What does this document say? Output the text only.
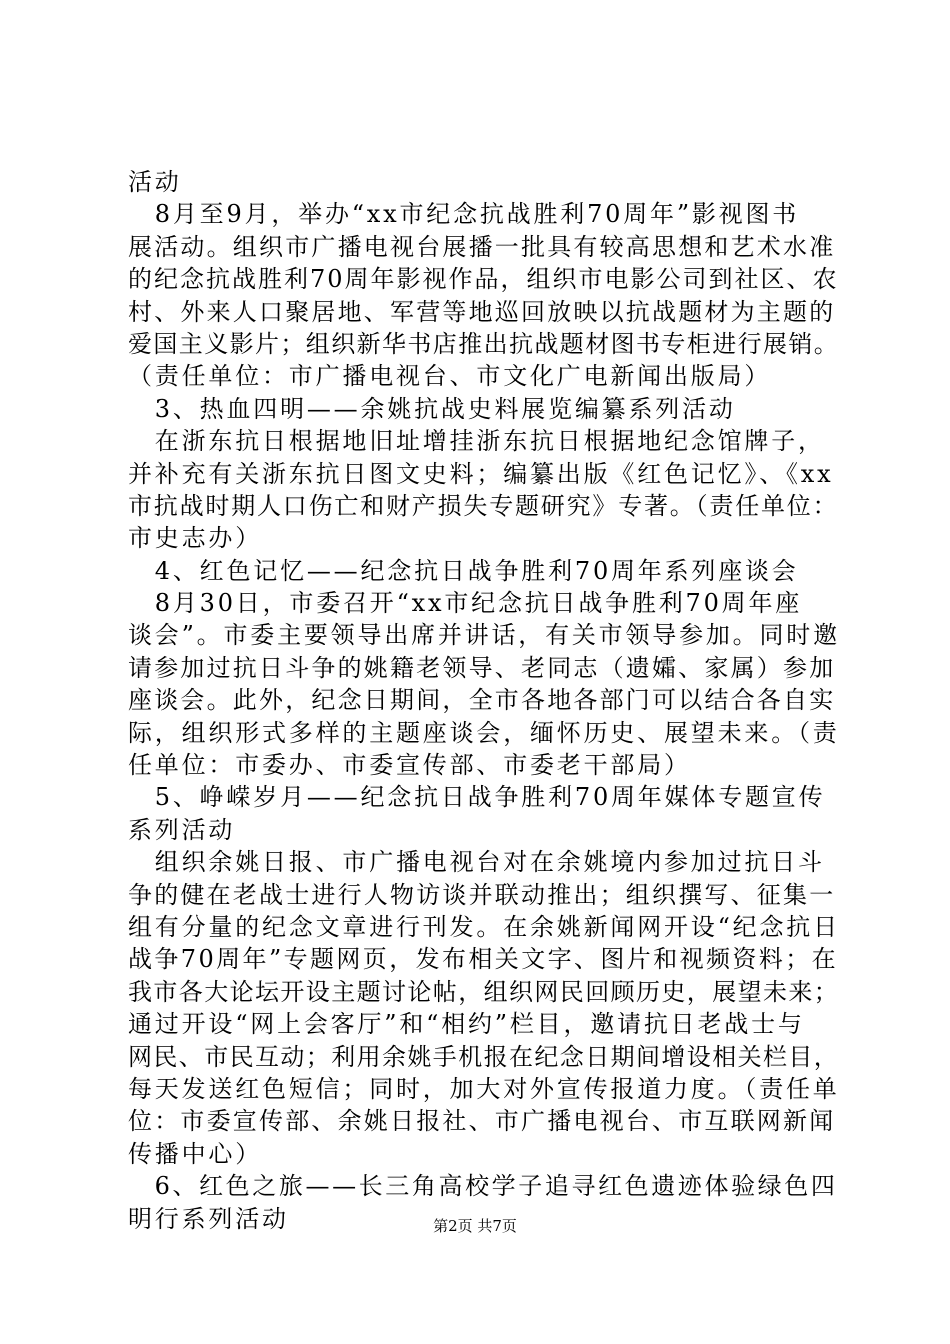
活动
　8月至9月，举办“xx市纪念抗战胜利70周年”影视图书
展活动。组织市广播电视台展播一批具有较高思想和艺术水准
的纪念抗战胜利70周年影视作品，组织市电影公司到社区、农
村、外来人口聚居地、军营等地巡回放映以抗战题材为主题的
爱国主义影片；组织新华书店推出抗战题材图书专柜进行展销。
（责任单位：市广播电视台、市文化广电新闻出版局）
　3、热血四明——余姚抗战史料展览编纂系列活动
　在浙东抗日根据地旧址增挂浙东抗日根据地纪念馆牌子，
并补充有关浙东抗日图文史料；编纂出版《红色记忆》、《xx
市抗战时期人口伤亡和财产损失专题研究》专著。（责任单位：
市史志办）
　4、红色记忆——纪念抗日战争胜利70周年系列座谈会
　8月30日，市委召开“xx市纪念抗日战争胜利70周年座
谈会”。市委主要领导出席并讲话，有关市领导参加。同时邀
请参加过抗日斗争的姚籍老领导、老同志（遗孀、家属）参加
座谈会。此外，纪念日期间，全市各地各部门可以结合各自实
际，组织形式多样的主题座谈会，缅怀历史、展望未来。（责
任单位：市委办、市委宣传部、市委老干部局）
　5、峥嵘岁月——纪念抗日战争胜利70周年媒体专题宣传
系列活动
　组织余姚日报、市广播电视台对在余姚境内参加过抗日斗
争的健在老战士进行人物访谈并联动推出；组织撰写、征集一
组有分量的纪念文章进行刊发。在余姚新闻网开设“纪念抗日
战争70周年”专题网页，发布相关文字、图片和视频资料；在
我市各大论坛开设主题讨论帖，组织网民回顾历史，展望未来；
通过开设“网上会客厅”和“相约”栏目，邀请抗日老战士与
网民、市民互动；利用余姚手机报在纪念日期间增设相关栏目，
每天发送红色短信；同时，加大对外宣传报道力度。（责任单
位：市委宣传部、余姚日报社、市广播电视台、市互联网新闻
传播中心）
　6、红色之旅——长三角高校学子追寻红色遗迹体验绿色四
明行系列活动	第2页 共7页
